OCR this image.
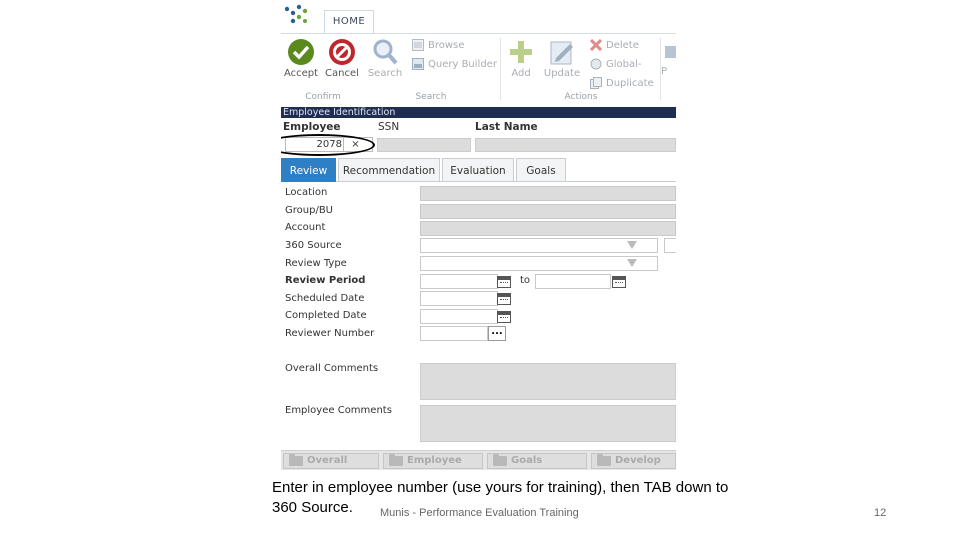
HOME
Accept Cancel Search
Browse
Query Builder
Add	Update
Delete
Global-
Duplicate
P
Confirm	Search	Actions
Employee Identification
Employee	SSN	Last Name
2078 ×
Review	Recommendation	Evaluation	Goals
Location
Group/BU
Account
360 Source
Review Type
Review Period	to
Scheduled Date
Completed Date
Reviewer Number	...
Overall Comments
Employee Comments
Overall	Employee	Goals	Develop
Enter in employee number (use yours for training), then TAB down to 360 Source.	Munis - Performance Evaluation Training	12
